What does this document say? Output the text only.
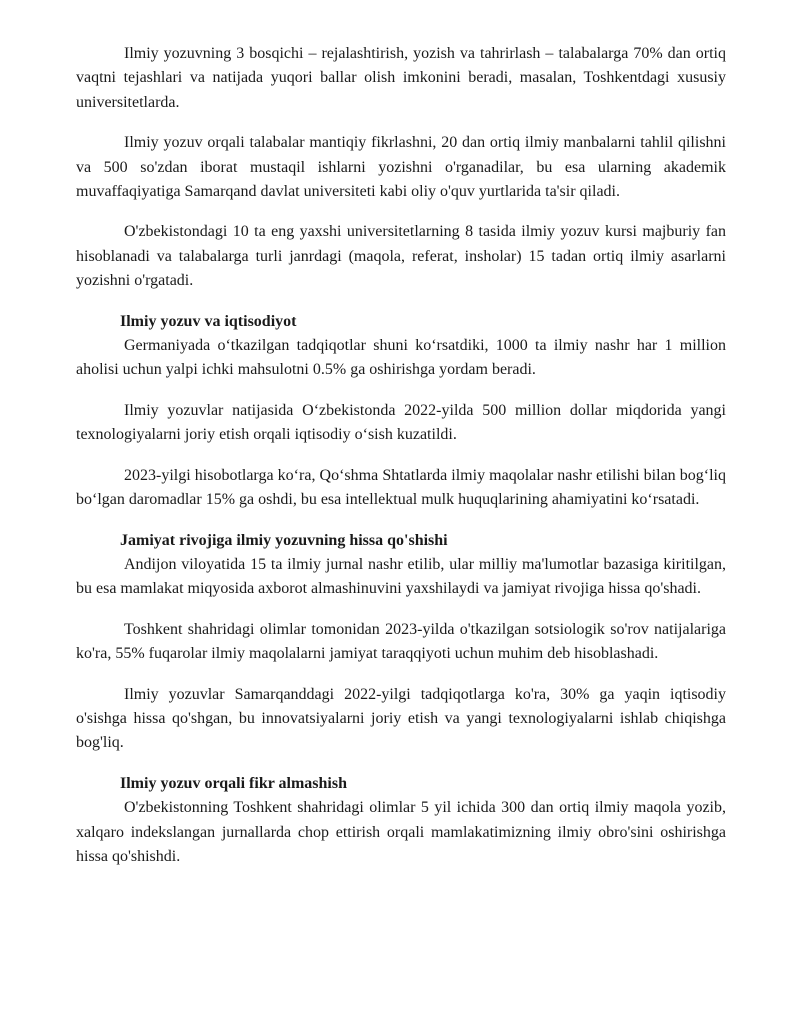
Ilmiy yozuvning 3 bosqichi – rejalashtirish, yozish va tahrirlash – talabalarga 70% dan ortiq vaqtni tejashlari va natijada yuqori ballar olish imkonini beradi, masalan, Toshkentdagi xususiy universitetlarda.

Ilmiy yozuv orqali talabalar mantiqiy fikrlashni, 20 dan ortiq ilmiy manbalarni tahlil qilishni va 500 so'zdan iborat mustaqil ishlarni yozishni o'rganadilar, bu esa ularning akademik muvaffaqiyatiga Samarqand davlat universiteti kabi oliy o'quv yurtlarida ta'sir qiladi.

O'zbekistondagi 10 ta eng yaxshi universitetlarning 8 tasida ilmiy yozuv kursi majburiy fan hisoblanadi va talabalarga turli janrdagi (maqola, referat, insholar) 15 tadan ortiq ilmiy asarlarni yozishni o'rgatadi.

Ilmiy yozuv va iqtisodiyot

Germaniyada oʻtkazilgan tadqiqotlar shuni koʻrsatdiki, 1000 ta ilmiy nashr har 1 million aholisi uchun yalpi ichki mahsulotni 0.5% ga oshirishga yordam beradi.

Ilmiy yozuvlar natijasida Oʻzbekistonda 2022-yilda 500 million dollar miqdorida yangi texnologiyalarni joriy etish orqali iqtisodiy oʻsish kuzatildi.

2023-yilgi hisobotlarga koʻra, Qoʻshma Shtatlarda ilmiy maqolalar nashr etilishi bilan bogʻliq boʻlgan daromadlar 15% ga oshdi, bu esa intellektual mulk huquqlarining ahamiyatini koʻrsatadi.

Jamiyat rivojiga ilmiy yozuvning hissa qo'shishi

Andijon viloyatida 15 ta ilmiy jurnal nashr etilib, ular milliy ma'lumotlar bazasiga kiritilgan, bu esa mamlakat miqyosida axborot almashinuvini yaxshilaydi va jamiyat rivojiga hissa qo'shadi.

Toshkent shahridagi olimlar tomonidan 2023-yilda o'tkazilgan sotsiologik so'rov natijalariga ko'ra, 55% fuqarolar ilmiy maqolalarni jamiyat taraqqiyoti uchun muhim deb hisoblashadi.

Ilmiy yozuvlar Samarqanddagi 2022-yilgi tadqiqotlarga ko'ra, 30% ga yaqin iqtisodiy o'sishga hissa qo'shgan, bu innovatsiyalarni joriy etish va yangi texnologiyalarni ishlab chiqishga bog'liq.

Ilmiy yozuv orqali fikr almashish

O'zbekistonning Toshkent shahridagi olimlar 5 yil ichida 300 dan ortiq ilmiy maqola yozib, xalqaro indekslangan jurnallarda chop ettirish orqali mamlakatimizning ilmiy obro'sini oshirishga hissa qo'shishdi.
